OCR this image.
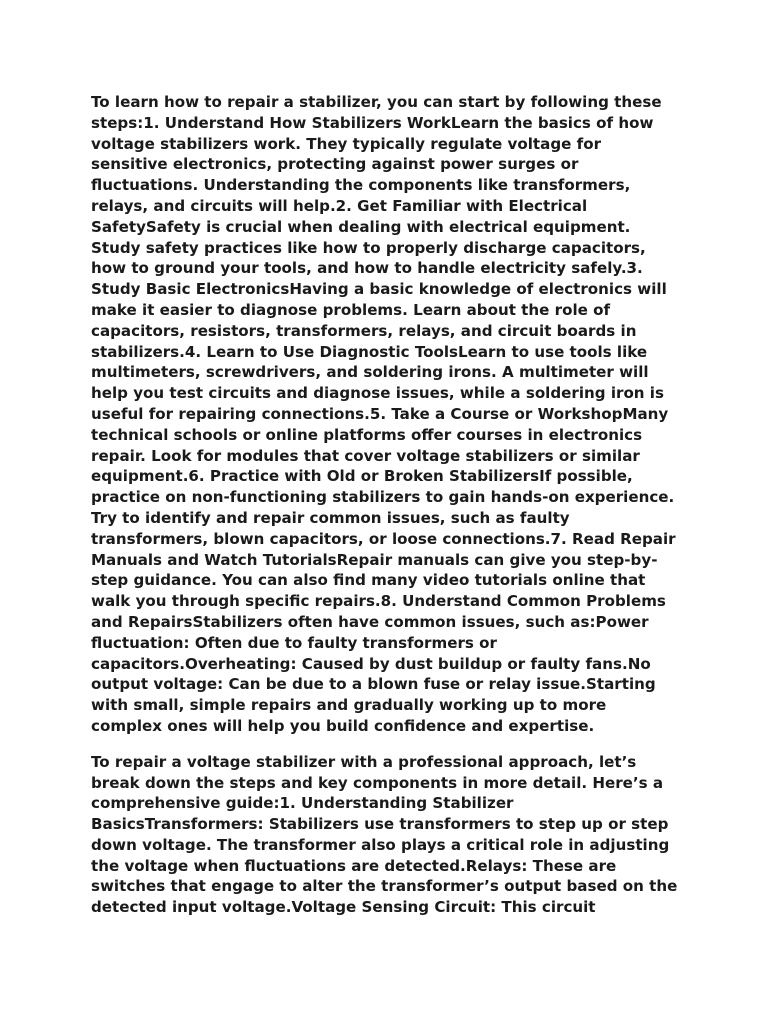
To learn how to repair a stabilizer, you can start by following these steps:1. Understand How Stabilizers WorkLearn the basics of how voltage stabilizers work. They typically regulate voltage for sensitive electronics, protecting against power surges or fluctuations. Understanding the components like transformers, relays, and circuits will help.2. Get Familiar with Electrical SafetySafety is crucial when dealing with electrical equipment. Study safety practices like how to properly discharge capacitors, how to ground your tools, and how to handle electricity safely.3. Study Basic ElectronicsHaving a basic knowledge of electronics will make it easier to diagnose problems. Learn about the role of capacitors, resistors, transformers, relays, and circuit boards in stabilizers.4. Learn to Use Diagnostic ToolsLearn to use tools like multimeters, screwdrivers, and soldering irons. A multimeter will help you test circuits and diagnose issues, while a soldering iron is useful for repairing connections.5. Take a Course or WorkshopMany technical schools or online platforms offer courses in electronics repair. Look for modules that cover voltage stabilizers or similar equipment.6. Practice with Old or Broken StabilizersIf possible, practice on non-functioning stabilizers to gain hands-on experience. Try to identify and repair common issues, such as faulty transformers, blown capacitors, or loose connections.7. Read Repair Manuals and Watch TutorialsRepair manuals can give you step-by-step guidance. You can also find many video tutorials online that walk you through specific repairs.8. Understand Common Problems and RepairsStabilizers often have common issues, such as:Power fluctuation: Often due to faulty transformers or capacitors.Overheating: Caused by dust buildup or faulty fans.No output voltage: Can be due to a blown fuse or relay issue.Starting with small, simple repairs and gradually working up to more complex ones will help you build confidence and expertise.

To repair a voltage stabilizer with a professional approach, let’s break down the steps and key components in more detail. Here’s a comprehensive guide:1. Understanding Stabilizer BasicsTransformers: Stabilizers use transformers to step up or step down voltage. The transformer also plays a critical role in adjusting the voltage when fluctuations are detected.Relays: These are switches that engage to alter the transformer’s output based on the detected input voltage.Voltage Sensing Circuit: This circuit
